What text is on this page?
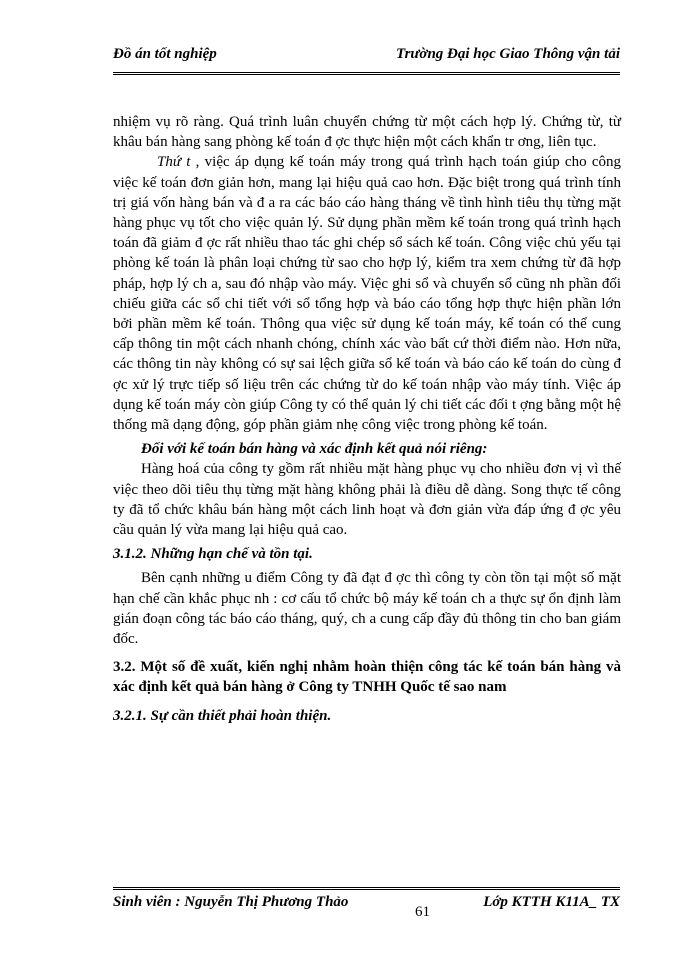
Đồ án tốt nghiệp	Trường Đại học Giao Thông vận tải

nhiệm vụ rõ ràng. Quá trình luân chuyển chứng từ một cách hợp lý. Chứng từ, từ khâu bán hàng sang phòng kế toán đ ợc thực hiện một cách khẩn tr ơng, liên tục.

Thứ t , việc áp dụng kế toán máy trong quá trình hạch toán giúp cho công việc kế toán đơn giản hơn, mang lại hiệu quả cao hơn. Đặc biệt trong quá trình tính trị giá vốn hàng bán và đ a ra các báo cáo hàng tháng về tình hình tiêu thụ từng mặt hàng phục vụ tốt cho việc quản lý. Sử dụng phần mềm kế toán trong quá trình hạch toán đã giảm đ ợc rất nhiều thao tác ghi chép sổ sách kế toán. Công việc chủ yếu tại phòng kế toán là phân loại chứng từ sao cho hợp lý, kiểm tra xem chứng từ đã hợp pháp, hợp lý ch a, sau đó nhập vào máy. Việc ghi sổ và chuyển sổ cũng nh phần đối chiếu giữa các sổ chi tiết với sổ tổng hợp và báo cáo tổng hợp thực hiện phần lớn bởi phần mềm kế toán. Thông qua việc sử dụng kế toán máy, kế toán có thể cung cấp thông tin một cách nhanh chóng, chính xác vào bất cứ thời điểm nào. Hơn nữa, các thông tin này không có sự sai lệch giữa sổ kế toán và báo cáo kế toán do cùng đ ợc xử lý trực tiếp số liệu trên các chứng từ do kế toán nhập vào máy tính. Việc áp dụng kế toán máy còn giúp Công ty có thể quản lý chi tiết các đối t ợng bằng một hệ thống mã dạng động, góp phần giảm nhẹ công việc trong phòng kế toán.

Đối với kế toán bán hàng và xác định kết quả nói riêng:

Hàng hoá của công ty gồm rất nhiều mặt hàng phục vụ cho nhiều đơn vị vì thế việc theo dõi tiêu thụ từng mặt hàng không phải là điều dễ dàng. Song thực tế công ty đã tổ chức khâu bán hàng một cách linh hoạt và đơn giản vừa đáp ứng đ ợc yêu cầu quản lý vừa mang lại hiệu quả cao.

3.1.2. Những hạn chế và tồn tại.

Bên cạnh những u điểm Công ty đã đạt đ ợc thì công ty còn tồn tại một số mặt hạn chế cần khắc phục nh : cơ cấu tổ chức bộ máy kế toán ch a thực sự ổn định làm gián đoạn công tác báo cáo tháng, quý, ch a cung cấp đầy đủ thông tin cho ban giám đốc.

3.2. Một số đề xuất, kiến nghị nhằm hoàn thiện công tác kế toán bán hàng và xác định kết quả bán hàng ở Công ty TNHH Quốc tế sao nam

3.2.1. Sự cần thiết phải hoàn thiện.

Sinh viên : Nguyễn Thị Phương Thảo
61
Lớp KTTH K11A_ TX
